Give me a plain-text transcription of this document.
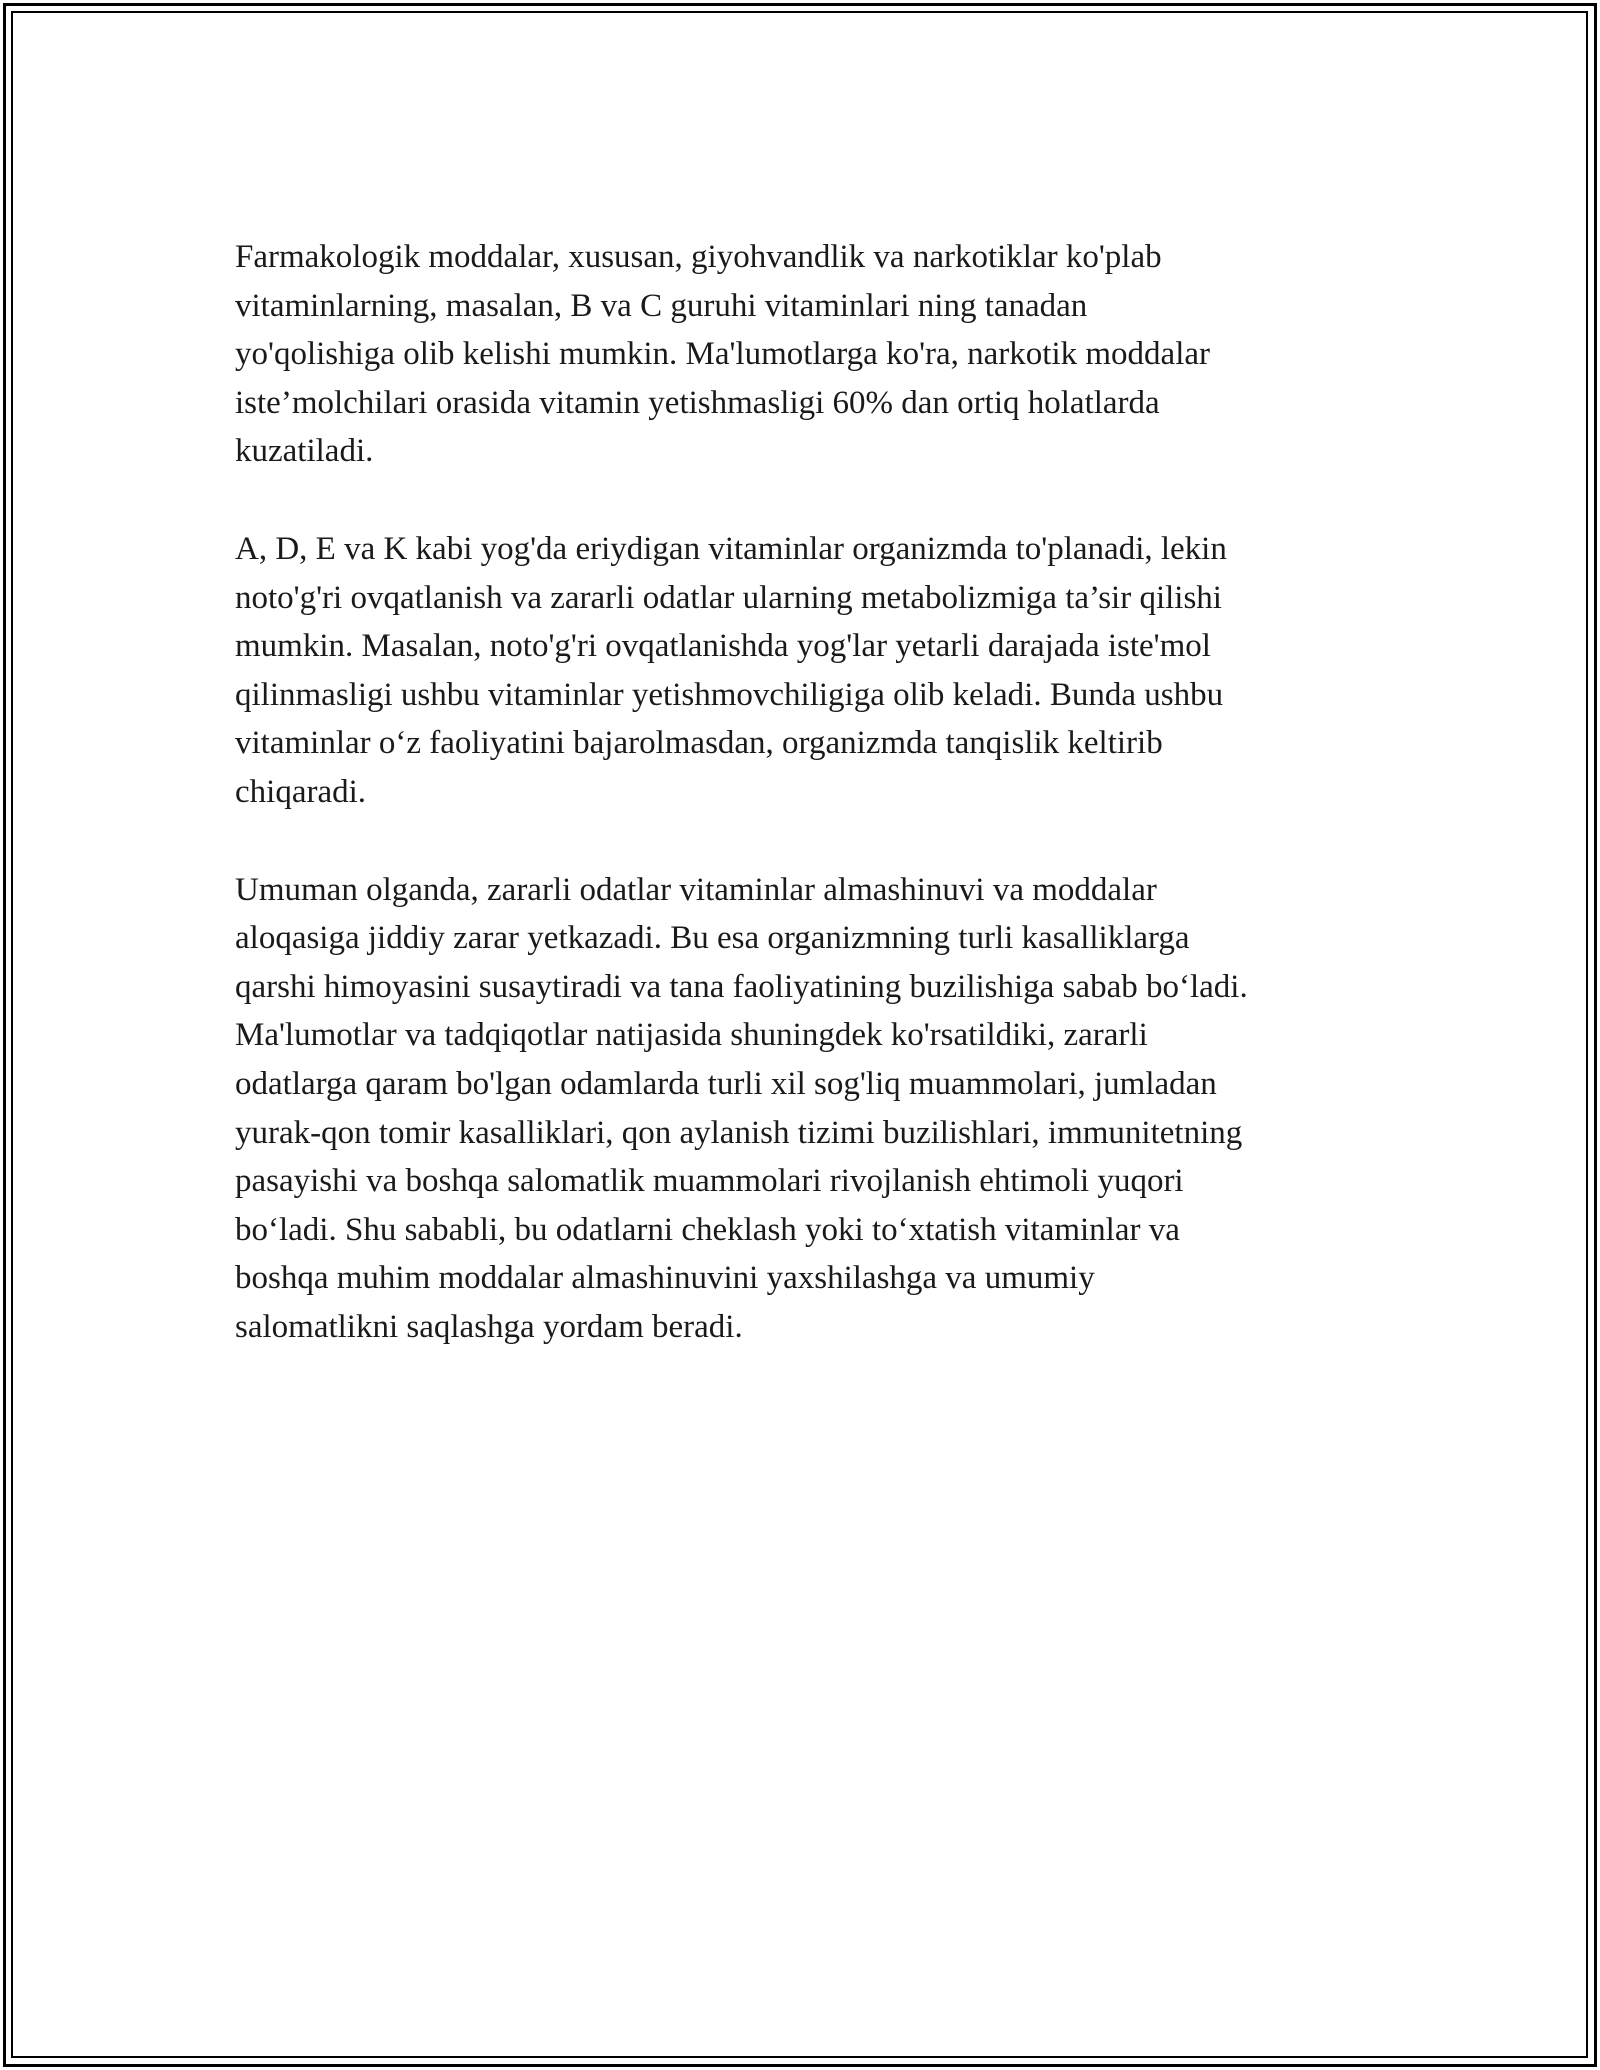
Farmakologik moddalar, xususan, giyohvandlik va narkotiklar ko'plab
vitaminlarning, masalan, B va C guruhi vitaminlari ning tanadan
yo'qolishiga olib kelishi mumkin. Ma'lumotlarga ko'ra, narkotik moddalar
iste’molchilari orasida vitamin yetishmasligi 60% dan ortiq holatlarda
kuzatiladi.

A, D, E va K kabi yog'da eriydigan vitaminlar organizmda to'planadi, lekin
noto'g'ri ovqatlanish va zararli odatlar ularning metabolizmiga ta’sir qilishi
mumkin. Masalan, noto'g'ri ovqatlanishda yog'lar yetarli darajada iste'mol
qilinmasligi ushbu vitaminlar yetishmovchiligiga olib keladi. Bunda ushbu
vitaminlar o‘z faoliyatini bajarolmasdan, organizmda tanqislik keltirib
chiqaradi.

Umuman olganda, zararli odatlar vitaminlar almashinuvi va moddalar
aloqasiga jiddiy zarar yetkazadi. Bu esa organizmning turli kasalliklarga
qarshi himoyasini susaytiradi va tana faoliyatining buzilishiga sabab bo‘ladi.
Ma'lumotlar va tadqiqotlar natijasida shuningdek ko'rsatildiki, zararli
odatlarga qaram bo'lgan odamlarda turli xil sog'liq muammolari, jumladan
yurak-qon tomir kasalliklari, qon aylanish tizimi buzilishlari, immunitetning
pasayishi va boshqa salomatlik muammolari rivojlanish ehtimoli yuqori
bo‘ladi. Shu sababli, bu odatlarni cheklash yoki to‘xtatish vitaminlar va
boshqa muhim moddalar almashinuvini yaxshilashga va umumiy
salomatlikni saqlashga yordam beradi.
